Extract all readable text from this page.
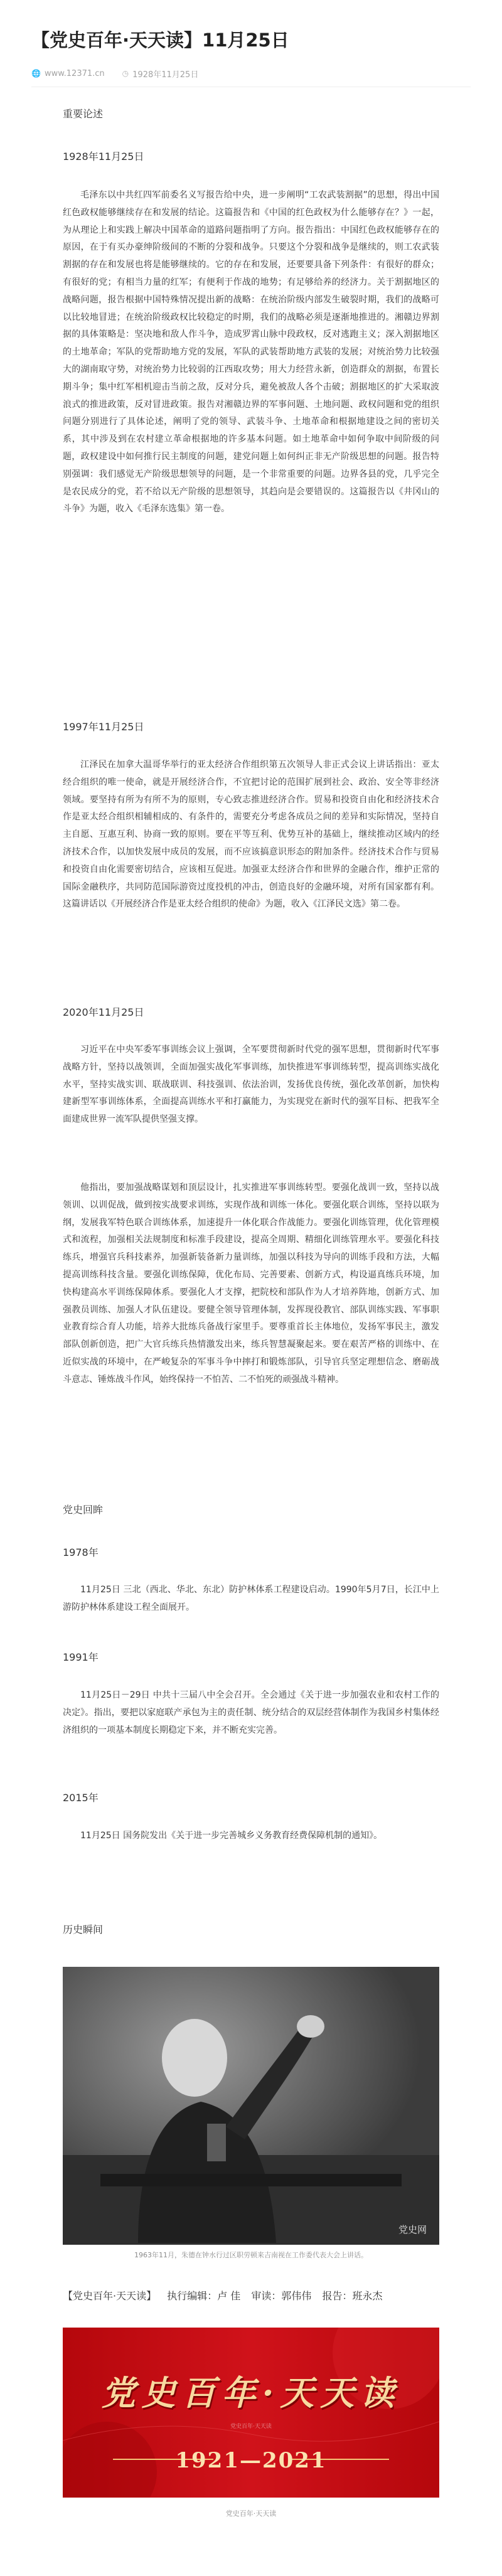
【党史百年·天天读】11月25日
🌐 www.12371.cn ◷ 1928年11月25日
重要论述
1928年11月25日

毛泽东以中共红四军前委名义写报告给中央，进一步阐明“工农武装割据”的思想，得出中国红色政权能够继续存在和发展的结论。这篇报告和《中国的红色政权为什么能够存在？》一起，为从理论上和实践上解决中国革命的道路问题指明了方向。报告指出：中国红色政权能够存在的原因，在于有买办豪绅阶级间的不断的分裂和战争。只要这个分裂和战争是继续的，则工农武装割据的存在和发展也将是能够继续的。它的存在和发展，还要要具备下列条件：有很好的群众；有很好的党；有相当力量的红军；有便利于作战的地势；有足够给养的经济力。关于割据地区的战略问题，报告根据中国特殊情况提出新的战略：在统治阶级内部发生破裂时期，我们的战略可以比较地冒进；在统治阶级政权比较稳定的时期，我们的战略必须是逐渐地推进的。湘赣边界割据的具体策略是：坚决地和敌人作斗争，造成罗霄山脉中段政权，反对逃跑主义；深入割据地区的土地革命；军队的党帮助地方党的发展，军队的武装帮助地方武装的发展；对统治势力比较强大的湖南取守势，对统治势力比较弱的江西取攻势；用大力经营永新，创造群众的割据，布置长期斗争；集中红军相机迎击当前之敌，反对分兵，避免被敌人各个击破；割据地区的扩大采取波浪式的推进政策，反对冒进政策。报告对湘赣边界的军事问题、土地问题、政权问题和党的组织问题分别进行了具体论述，阐明了党的领导、武装斗争、土地革命和根据地建设之间的密切关系，其中涉及到在农村建立革命根据地的许多基本问题。如土地革命中如何争取中间阶级的问题，政权建设中如何推行民主制度的问题，建党问题上如何纠正非无产阶级思想的问题。报告特别强调：我们感觉无产阶级思想领导的问题，是一个非常重要的问题。边界各县的党，几乎完全是农民成分的党，若不给以无产阶级的思想领导，其趋向是会要错误的。这篇报告以《井冈山的斗争》为题，收入《毛泽东选集》第一卷。

1997年11月25日

江泽民在加拿大温哥华举行的亚太经济合作组织第五次领导人非正式会议上讲话指出：亚太经合组织的唯一使命，就是开展经济合作，不宜把讨论的范围扩展到社会、政治、安全等非经济领域。要坚持有所为有所不为的原则，专心致志推进经济合作。贸易和投资自由化和经济技术合作是亚太经合组织相辅相成的、有条件的，需要充分考虑各成员之间的差异和实际情况，坚持自主自愿、互惠互利、协商一致的原则。要在平等互利、优势互补的基础上，继续推动区域内的经济技术合作，以加快发展中成员的发展，而不应该搞意识形态的附加条件。经济技术合作与贸易和投资自由化需要密切结合，应该相互促进。加强亚太经济合作和世界的金融合作，维护正常的国际金融秩序，共同防范国际游资过度投机的冲击，创造良好的金融环境，对所有国家都有利。这篇讲话以《开展经济合作是亚太经合组织的使命》为题，收入《江泽民文选》第二卷。

2020年11月25日

习近平在中央军委军事训练会议上强调，全军要贯彻新时代党的强军思想，贯彻新时代军事战略方针，坚持以战领训，全面加强实战化军事训练，加快推进军事训练转型，提高训练实战化水平，坚持实战实训、联战联训、科技强训、依法治训，发扬优良传统，强化改革创新，加快构建新型军事训练体系，全面提高训练水平和打赢能力，为实现党在新时代的强军目标、把我军全面建成世界一流军队提供坚强支撑。

他指出，要加强战略谋划和顶层设计，扎实推进军事训练转型。要强化战训一致，坚持以战领训、以训促战，做到按实战要求训练，实现作战和训练一体化。要强化联合训练，坚持以联为纲，发展我军特色联合训练体系，加速提升一体化联合作战能力。要强化训练管理，优化管理模式和流程，加强相关法规制度和标准手段建设，提高全周期、精细化训练管理水平。要强化科技练兵，增强官兵科技素养，加强新装备新力量训练，加强以科技为导向的训练手段和方法，大幅提高训练科技含量。要强化训练保障，优化布局、完善要素、创新方式，构设逼真练兵环境，加快构建高水平训练保障体系。要强化人才支撑，把院校和部队作为人才培养阵地，创新方式、加强教员训练、加强人才队伍建设。要健全领导管理体制，发挥现役教官、部队训练实践、军事职业教育综合育人功能，培养大批练兵备战行家里手。要尊重首长主体地位，发扬军事民主，激发部队创新创造，把广大官兵练兵热情激发出来，练兵智慧凝聚起来。要在艰苦严格的训练中、在近似实战的环境中，在严峻复杂的军事斗争中摔打和锻炼部队，引导官兵坚定理想信念、磨砺战斗意志、锤炼战斗作风，始终保持一不怕苦、二不怕死的顽强战斗精神。

党史回眸
1978年

11月25日 三北（西北、华北、东北）防护林体系工程建设启动。1990年5月7日，长江中上游防护林体系建设工程全面展开。

1991年

11月25日－29日 中共十三届八中全会召开。全会通过《关于进一步加强农业和农村工作的决定》。指出，要把以家庭联产承包为主的责任制、统分结合的双层经营体制作为我国乡村集体经济组织的一项基本制度长期稳定下来，并不断充实完善。

2015年

11月25日 国务院发出《关于进一步完善城乡义务教育经费保障机制的通知》。

历史瞬间
党史网

1963年11月，朱德在钟水行过区职劳顿来吉南视在工作委代表大会上讲话。

【党史百年·天天读】 执行编辑：卢 佳 审读：郭伟伟 报告：班永杰

党史百年·天天读
党史百年·天天读
1921—2021

党史百年·天天读
